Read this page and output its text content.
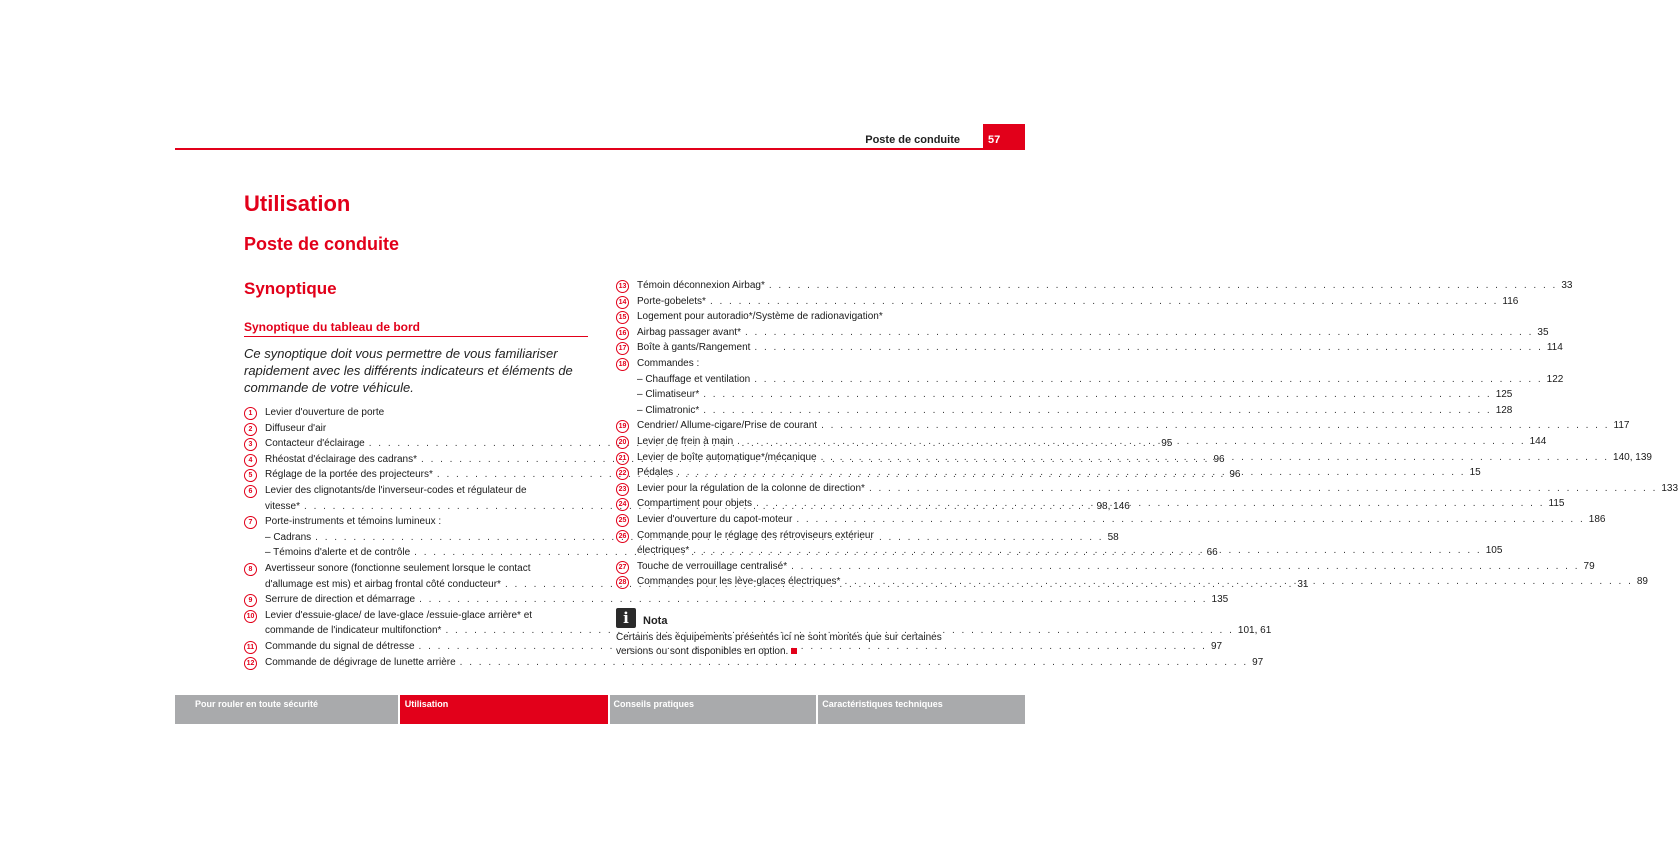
Poste de conduite	57
Utilisation
Poste de conduite
Synoptique
Synoptique du tableau de bord
Ce synoptique doit vous permettre de vous familiariser rapidement avec les différents indicateurs et éléments de commande de votre véhicule.
1	Levier d'ouverture de porte
2	Diffuseur d'air
3	Contacteur d'éclairage . . .	95
4	Rhéostat d'éclairage des cadrans* . . .	96
5	Réglage de la portée des projecteurs* . . .	96
6	Levier des clignotants/de l'inverseur-codes et régulateur de
vitesse* . . .	98, 146
7	Porte-instruments et témoins lumineux :
– Cadrans . . .	58
– Témoins d'alerte et de contrôle . . .	66
8	Avertisseur sonore (fonctionne seulement lorsque le contact
d'allumage est mis) et airbag frontal côté conducteur* . . .	31
9	Serrure de direction et démarrage . . .	135
10 Levier d'essuie-glace/ de lave-glace /essuie-glace arrière* et
commande de l'indicateur multifonction* . . .	101, 61
11 Commande du signal de détresse . . .	97
12 Commande de dégivrage de lunette arrière . . .	97
13 Témoin déconnexion Airbag* . . .	33
14 Porte-gobelets* . . .	116
15 Logement pour autoradio*/Système de radionavigation*
16 Airbag passager avant* . . .	35
17 Boîte à gants/Rangement . . .	114
18 Commandes :
– Chauffage et ventilation . . .	122
– Climatiseur* . . .	125
– Climatronic* . . .	128
19 Cendrier/ Allume-cigare/Prise de courant . . .	117
20 Levier de frein à main . . .	144
21 Levier de boîte automatique*/mécanique . . .	140, 139
22 Pédales . . .	15
23 Levier pour la régulation de la colonne de direction* . . .	133
24 Compartiment pour objets . . .	115
25 Levier d'ouverture du capot-moteur . . .	186
26 Commande pour le réglage des rétroviseurs extérieur
électriques* . . .	105
27 Touche de verrouillage centralisé* . . .	79
28 Commandes pour les lève-glaces électriques* . . .	89
i	Nota
Certains des équipements présentés ici ne sont montés que sur certaines versions ou sont disponibles en option.
Pour rouler en toute sécurité	Utilisation	Conseils pratiques	Caractéristiques techniques
